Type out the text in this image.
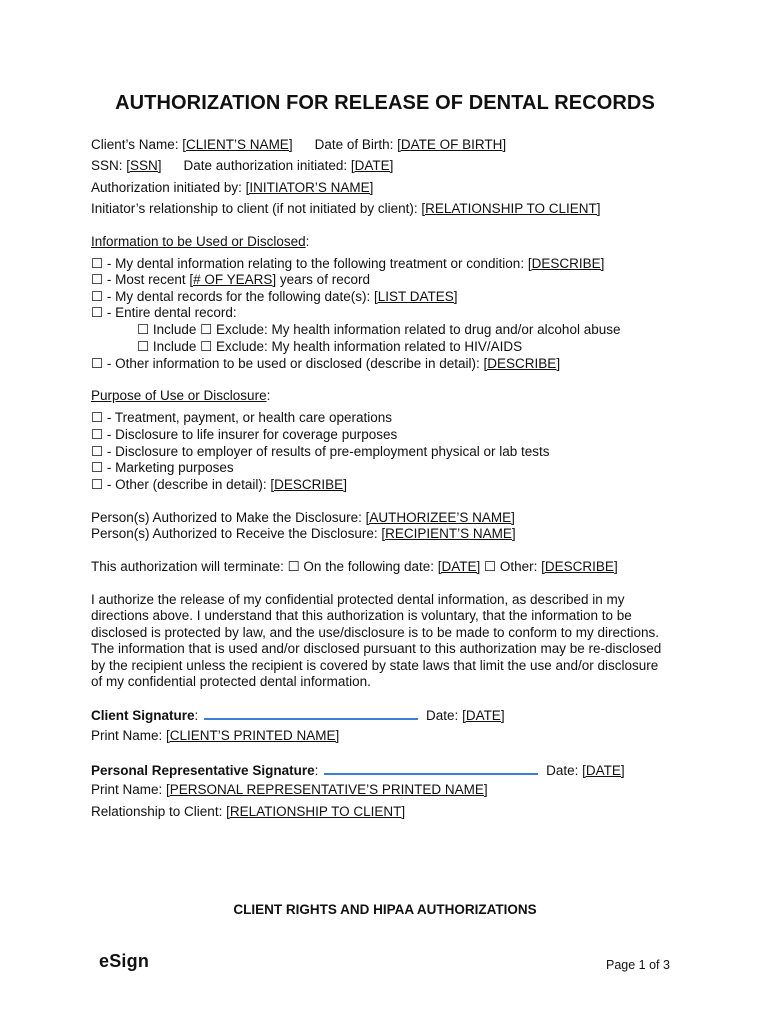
AUTHORIZATION FOR RELEASE OF DENTAL RECORDS
Client’s Name: [CLIENT’S NAME] Date of Birth: [DATE OF BIRTH]
SSN: [SSN] Date authorization initiated: [DATE]
Authorization initiated by: [INITIATOR’S NAME]
Initiator’s relationship to client (if not initiated by client): [RELATIONSHIP TO CLIENT]
Information to be Used or Disclosed:
☐ - My dental information relating to the following treatment or condition: [DESCRIBE]
☐ - Most recent [# OF YEARS] years of record
☐ - My dental records for the following date(s): [LIST DATES]
☐ - Entire dental record:
☐ Include ☐ Exclude: My health information related to drug and/or alcohol abuse
☐ Include ☐ Exclude: My health information related to HIV/AIDS
☐ - Other information to be used or disclosed (describe in detail): [DESCRIBE]
Purpose of Use or Disclosure:
☐ - Treatment, payment, or health care operations
☐ - Disclosure to life insurer for coverage purposes
☐ - Disclosure to employer of results of pre-employment physical or lab tests
☐ - Marketing purposes
☐ - Other (describe in detail): [DESCRIBE]
Person(s) Authorized to Make the Disclosure: [AUTHORIZEE’S NAME]
Person(s) Authorized to Receive the Disclosure: [RECIPIENT’S NAME]
This authorization will terminate: ☐ On the following date: [DATE] ☐ Other: [DESCRIBE]

I authorize the release of my confidential protected dental information, as described in my

directions above. I understand that this authorization is voluntary, that the information to be

disclosed is protected by law, and the use/disclosure is to be made to conform to my directions.

The information that is used and/or disclosed pursuant to this authorization may be re-disclosed

by the recipient unless the recipient is covered by state laws that limit the use and/or disclosure

of my confidential protected dental information.

Client Signature:	Date: [DATE]
Print Name: [CLIENT’S PRINTED NAME]
Personal Representative Signature:	Date: [DATE]
Print Name: [PERSONAL REPRESENTATIVE’S PRINTED NAME]
Relationship to Client: [RELATIONSHIP TO CLIENT]
CLIENT RIGHTS AND HIPAA AUTHORIZATIONS
eSign	Page 1 of 3
